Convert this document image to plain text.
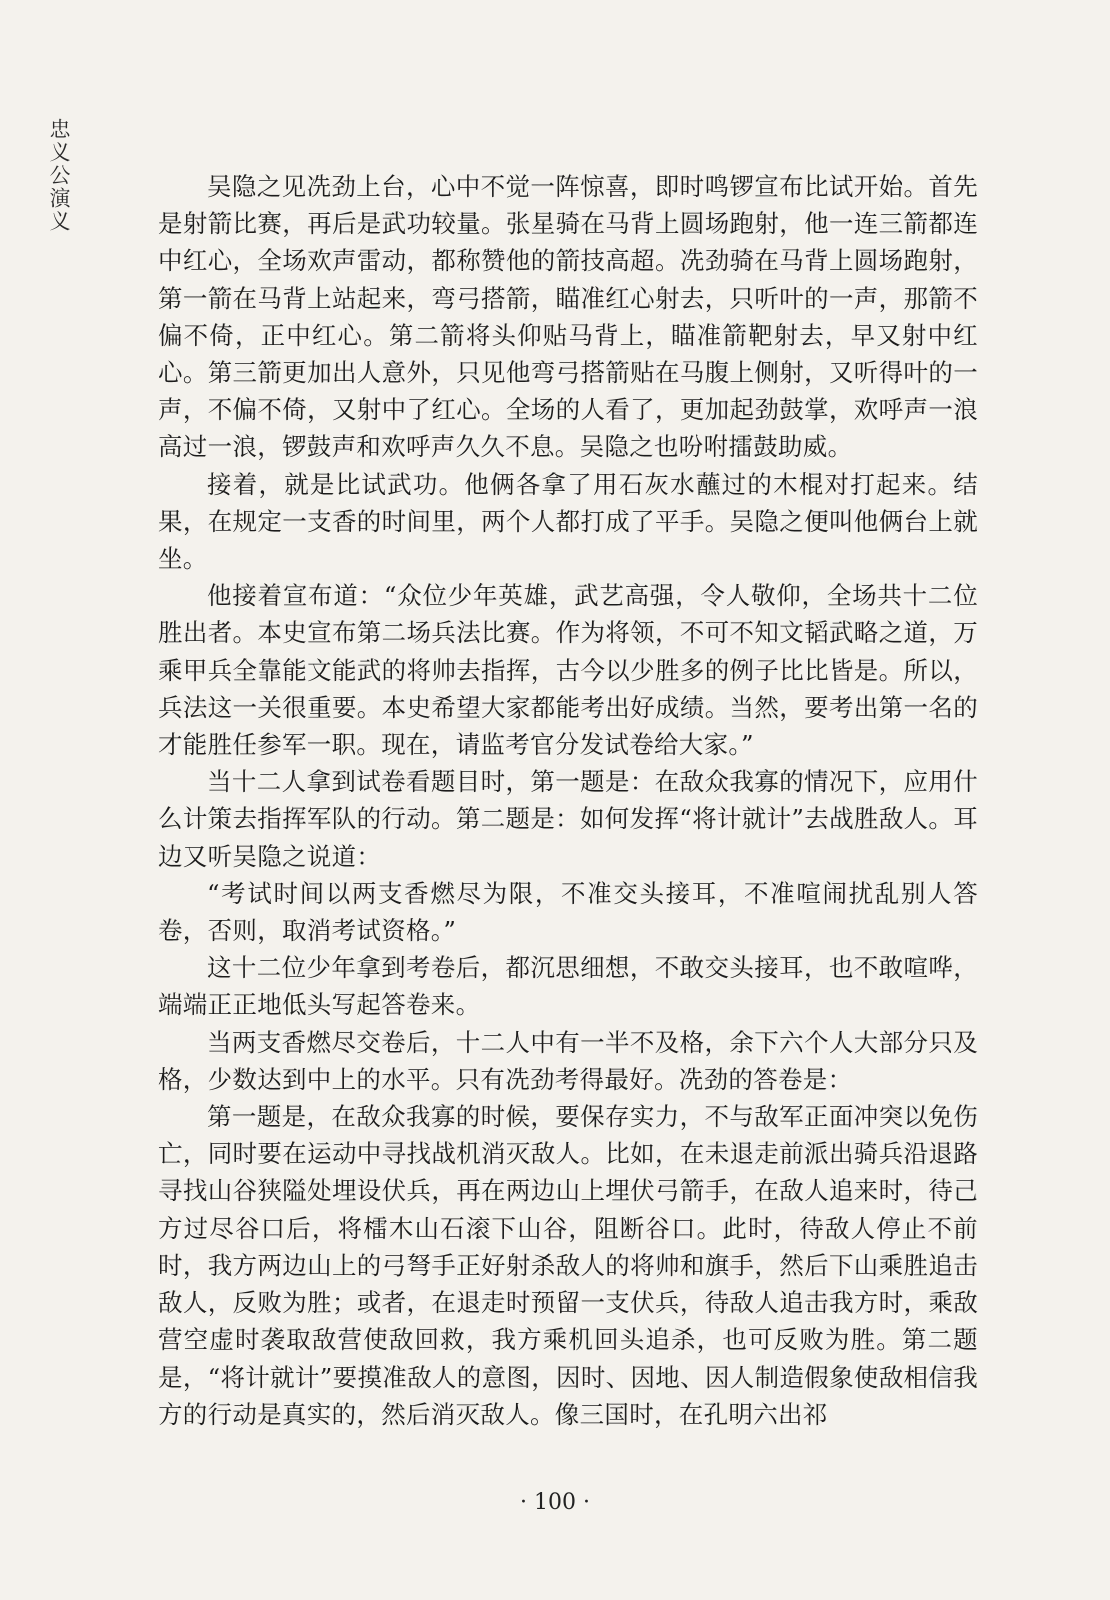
忠义公演义	吴隐之见冼劲上台，心中不觉一阵惊喜，即时鸣锣宣布比试开始。首先是射箭比赛，再后是武功较量。张星骑在马背上圆场跑射，他一连三箭都连中红心，全场欢声雷动，都称赞他的箭技高超。冼劲骑在马背上圆场跑射，第一箭在马背上站起来，弯弓搭箭，瞄准红心射去，只听叶的一声，那箭不偏不倚，正中红心。第二箭将头仰贴马背上，瞄准箭靶射去，早又射中红心。第三箭更加出人意外，只见他弯弓搭箭贴在马腹上侧射，又听得叶的一声，不偏不倚，又射中了红心。全场的人看了，更加起劲鼓掌，欢呼声一浪高过一浪，锣鼓声和欢呼声久久不息。吴隐之也吩咐擂鼓助威。

接着，就是比试武功。他俩各拿了用石灰水蘸过的木棍对打起来。结果，在规定一支香的时间里，两个人都打成了平手。吴隐之便叫他俩台上就坐。

他接着宣布道：“众位少年英雄，武艺高强，令人敬仰，全场共十二位胜出者。本史宣布第二场兵法比赛。作为将领，不可不知文韬武略之道，万乘甲兵全靠能文能武的将帅去指挥，古今以少胜多的例子比比皆是。所以，兵法这一关很重要。本史希望大家都能考出好成绩。当然，要考出第一名的才能胜任参军一职。现在，请监考官分发试卷给大家。”

当十二人拿到试卷看题目时，第一题是：在敌众我寡的情况下，应用什么计策去指挥军队的行动。第二题是：如何发挥“将计就计”去战胜敌人。耳边又听吴隐之说道：

“考试时间以两支香燃尽为限，不准交头接耳，不准喧闹扰乱别人答卷，否则，取消考试资格。”

这十二位少年拿到考卷后，都沉思细想，不敢交头接耳，也不敢喧哗，端端正正地低头写起答卷来。

当两支香燃尽交卷后，十二人中有一半不及格，余下六个人大部分只及格，少数达到中上的水平。只有冼劲考得最好。冼劲的答卷是：

第一题是，在敌众我寡的时候，要保存实力，不与敌军正面冲突以免伤亡，同时要在运动中寻找战机消灭敌人。比如，在未退走前派出骑兵沿退路寻找山谷狭隘处埋设伏兵，再在两边山上埋伏弓箭手，在敌人追来时，待己方过尽谷口后，将檑木山石滚下山谷，阻断谷口。此时，待敌人停止不前时，我方两边山上的弓弩手正好射杀敌人的将帅和旗手，然后下山乘胜追击敌人，反败为胜；或者，在退走时预留一支伏兵，待敌人追击我方时，乘敌营空虚时袭取敌营使敌回救，我方乘机回头追杀，也可反败为胜。第二题是，“将计就计”要摸准敌人的意图，因时、因地、因人制造假象使敌相信我方的行动是真实的，然后消灭敌人。像三国时，在孔明六出祁

· 100 ·
